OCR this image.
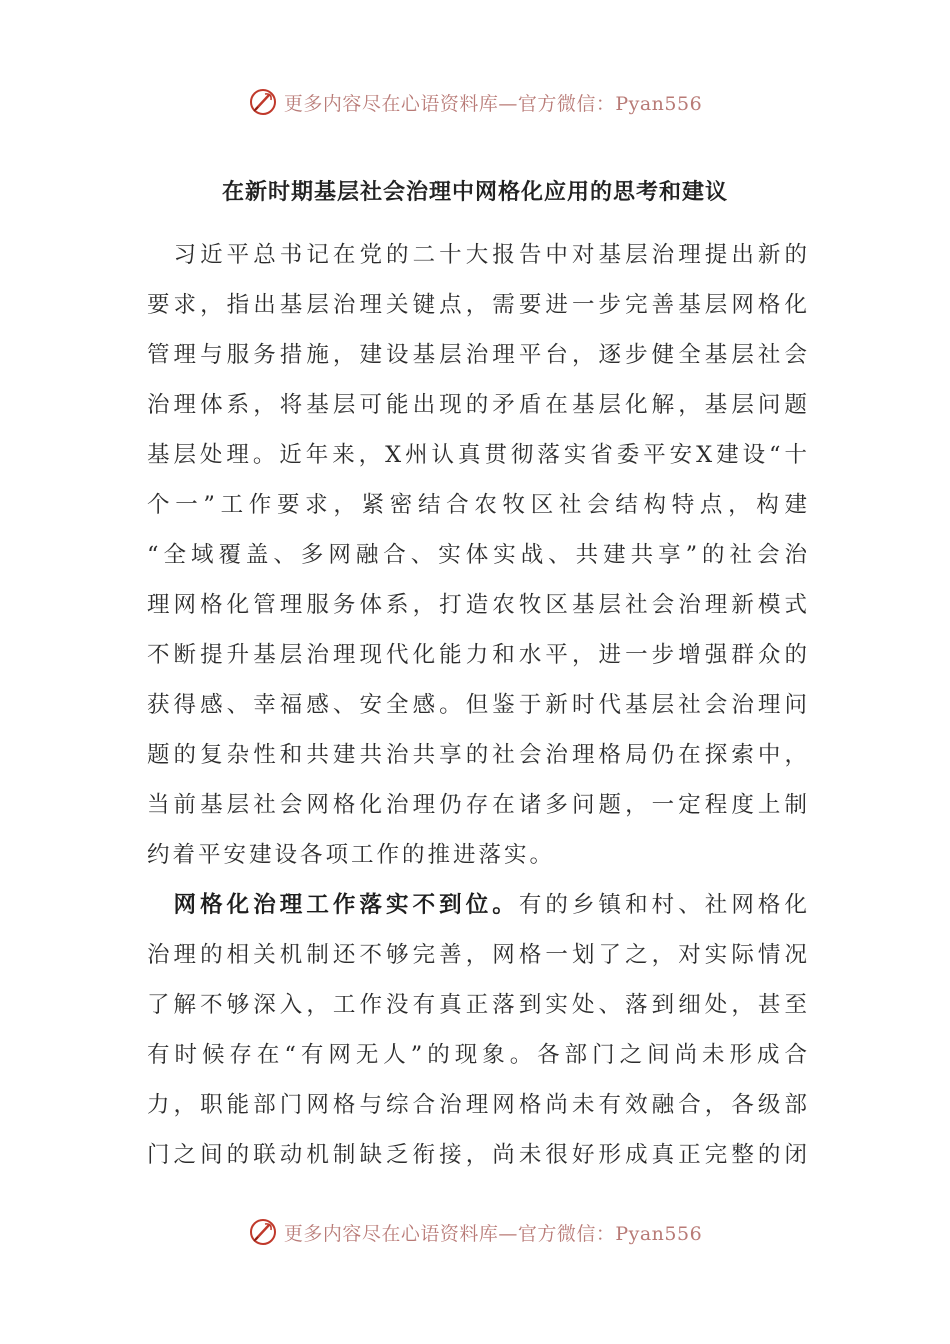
更多内容尽在心语资料库—官方微信：Pyan556
在新时期基层社会治理中网格化应用的思考和建议
　习近平总书记在党的二十大报告中对基层治理提出新的
要求，指出基层治理关键点，需要进一步完善基层网格化
管理与服务措施，建设基层治理平台，逐步健全基层社会
治理体系，将基层可能出现的矛盾在基层化解，基层问题
基层处理。近年来，X州认真贯彻落实省委平安X建设“十
个一”工作要求，紧密结合农牧区社会结构特点，构建
“全域覆盖、多网融合、实体实战、共建共享”的社会治
理网格化管理服务体系，打造农牧区基层社会治理新模式
不断提升基层治理现代化能力和水平，进一步增强群众的
获得感、幸福感、安全感。但鉴于新时代基层社会治理问
题的复杂性和共建共治共享的社会治理格局仍在探索中，
当前基层社会网格化治理仍存在诸多问题，一定程度上制
约着平安建设各项工作的推进落实。
　网格化治理工作落实不到位。有的乡镇和村、社网格化
治理的相关机制还不够完善，网格一划了之，对实际情况
了解不够深入，工作没有真正落到实处、落到细处，甚至
有时候存在“有网无人”的现象。各部门之间尚未形成合
力，职能部门网格与综合治理网格尚未有效融合，各级部
门之间的联动机制缺乏衔接，尚未很好形成真正完整的闭
更多内容尽在心语资料库—官方微信：Pyan556
